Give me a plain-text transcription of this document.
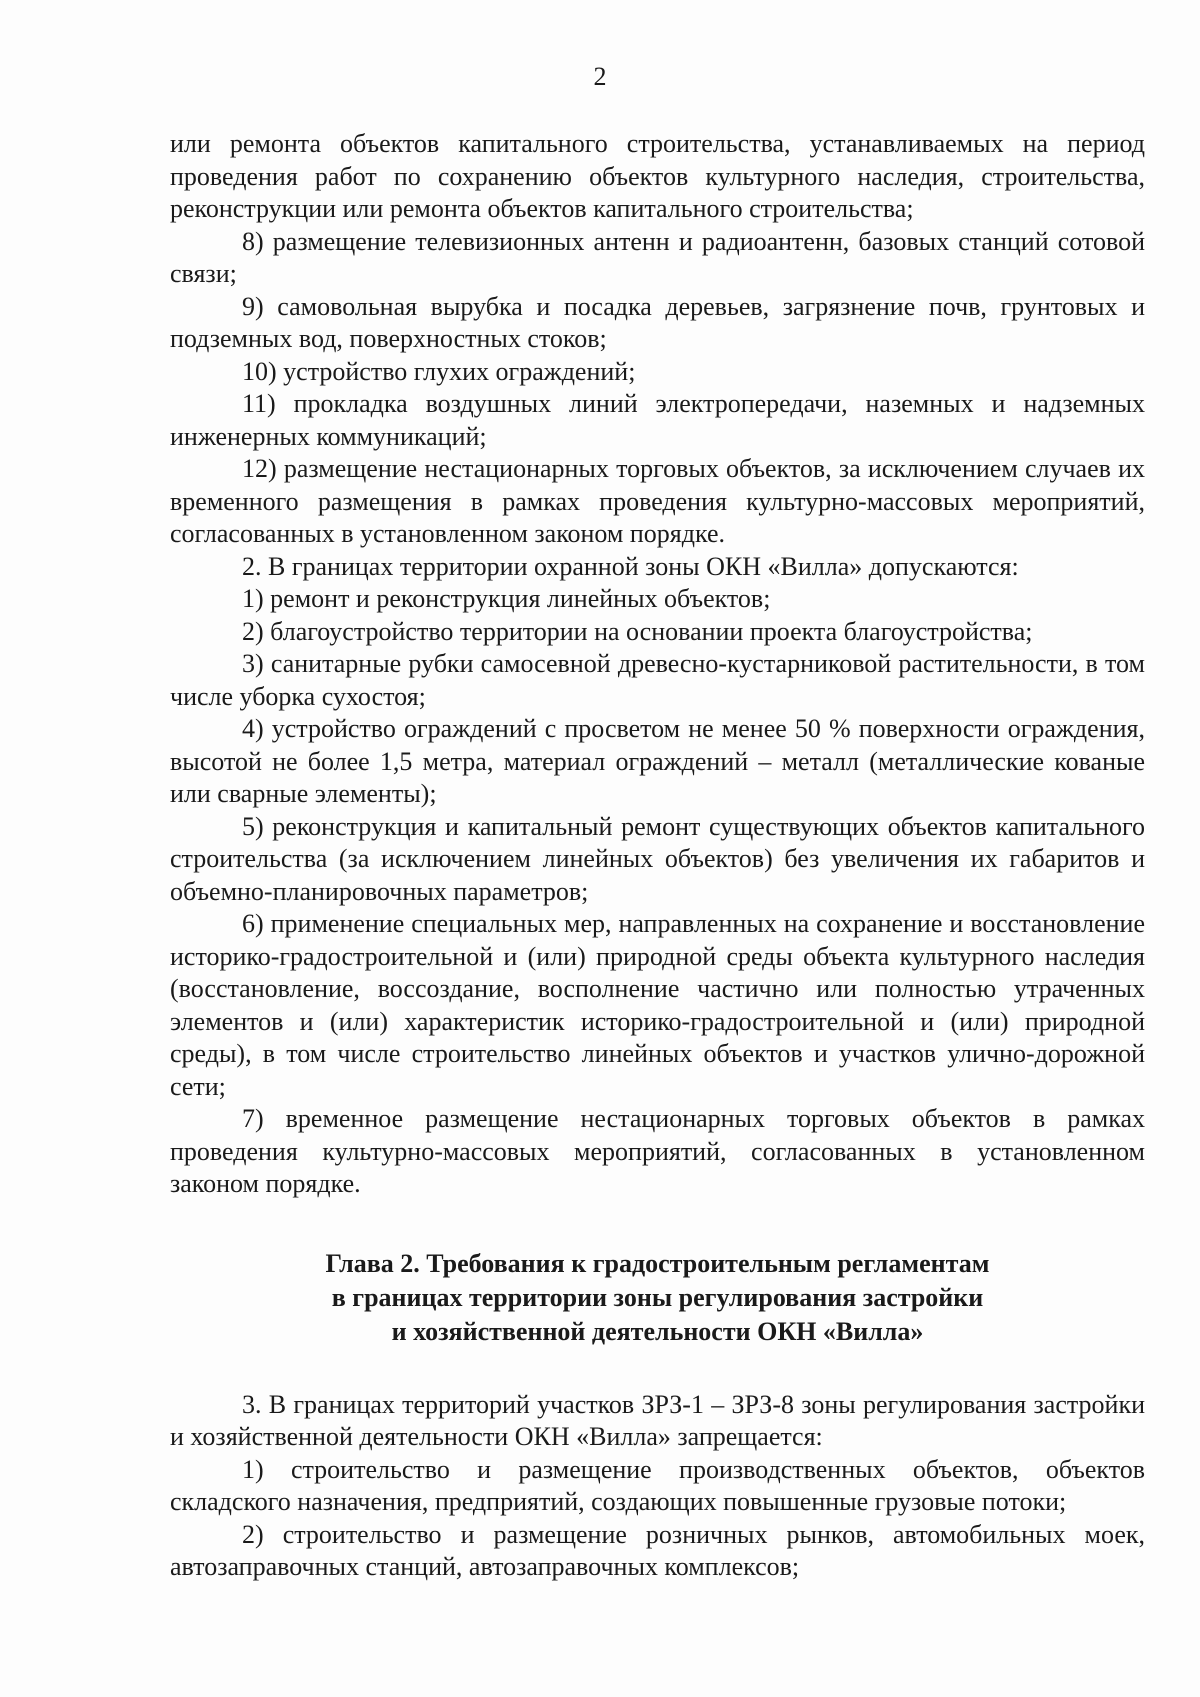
2

или ремонта объектов капитального строительства, устанавливаемых на период проведения работ по сохранению объектов культурного наследия, строительства, реконструкции или ремонта объектов капитального строительства;

8) размещение телевизионных антенн и радиоантенн, базовых станций сотовой связи;

9) самовольная вырубка и посадка деревьев, загрязнение почв, грунтовых и подземных вод, поверхностных стоков;

10) устройство глухих ограждений;

11) прокладка воздушных линий электропередачи, наземных и надземных инженерных коммуникаций;

12) размещение нестационарных торговых объектов, за исключением случаев их временного размещения в рамках проведения культурно-массовых мероприятий, согласованных в установленном законом порядке.

2. В границах территории охранной зоны ОКН «Вилла» допускаются:

1) ремонт и реконструкция линейных объектов;

2) благоустройство территории на основании проекта благоустройства;

3) санитарные рубки самосевной древесно-кустарниковой растительности, в том числе уборка сухостоя;

4) устройство ограждений с просветом не менее 50 % поверхности ограждения, высотой не более 1,5 метра, материал ограждений – металл (металлические кованые или сварные элементы);

5) реконструкция и капитальный ремонт существующих объектов капитального строительства (за исключением линейных объектов) без увеличения их габаритов и объемно-планировочных параметров;

6) применение специальных мер, направленных на сохранение и восстановление историко-градостроительной и (или) природной среды объекта культурного наследия (восстановление, воссоздание, восполнение частично или полностью утраченных элементов и (или) характеристик историко-градостроительной и (или) природной среды), в том числе строительство линейных объектов и участков улично-дорожной сети;

7) временное размещение нестационарных торговых объектов в рамках проведения культурно-массовых мероприятий, согласованных в установленном законом порядке.

Глава 2. Требования к градостроительным регламентам
в границах территории зоны регулирования застройки
и хозяйственной деятельности ОКН «Вилла»

3. В границах территорий участков ЗРЗ-1 – ЗРЗ-8 зоны регулирования застройки и хозяйственной деятельности ОКН «Вилла» запрещается:

1) строительство и размещение производственных объектов, объектов складского назначения, предприятий, создающих повышенные грузовые потоки;

2) строительство и размещение розничных рынков, автомобильных моек, автозаправочных станций, автозаправочных комплексов;
